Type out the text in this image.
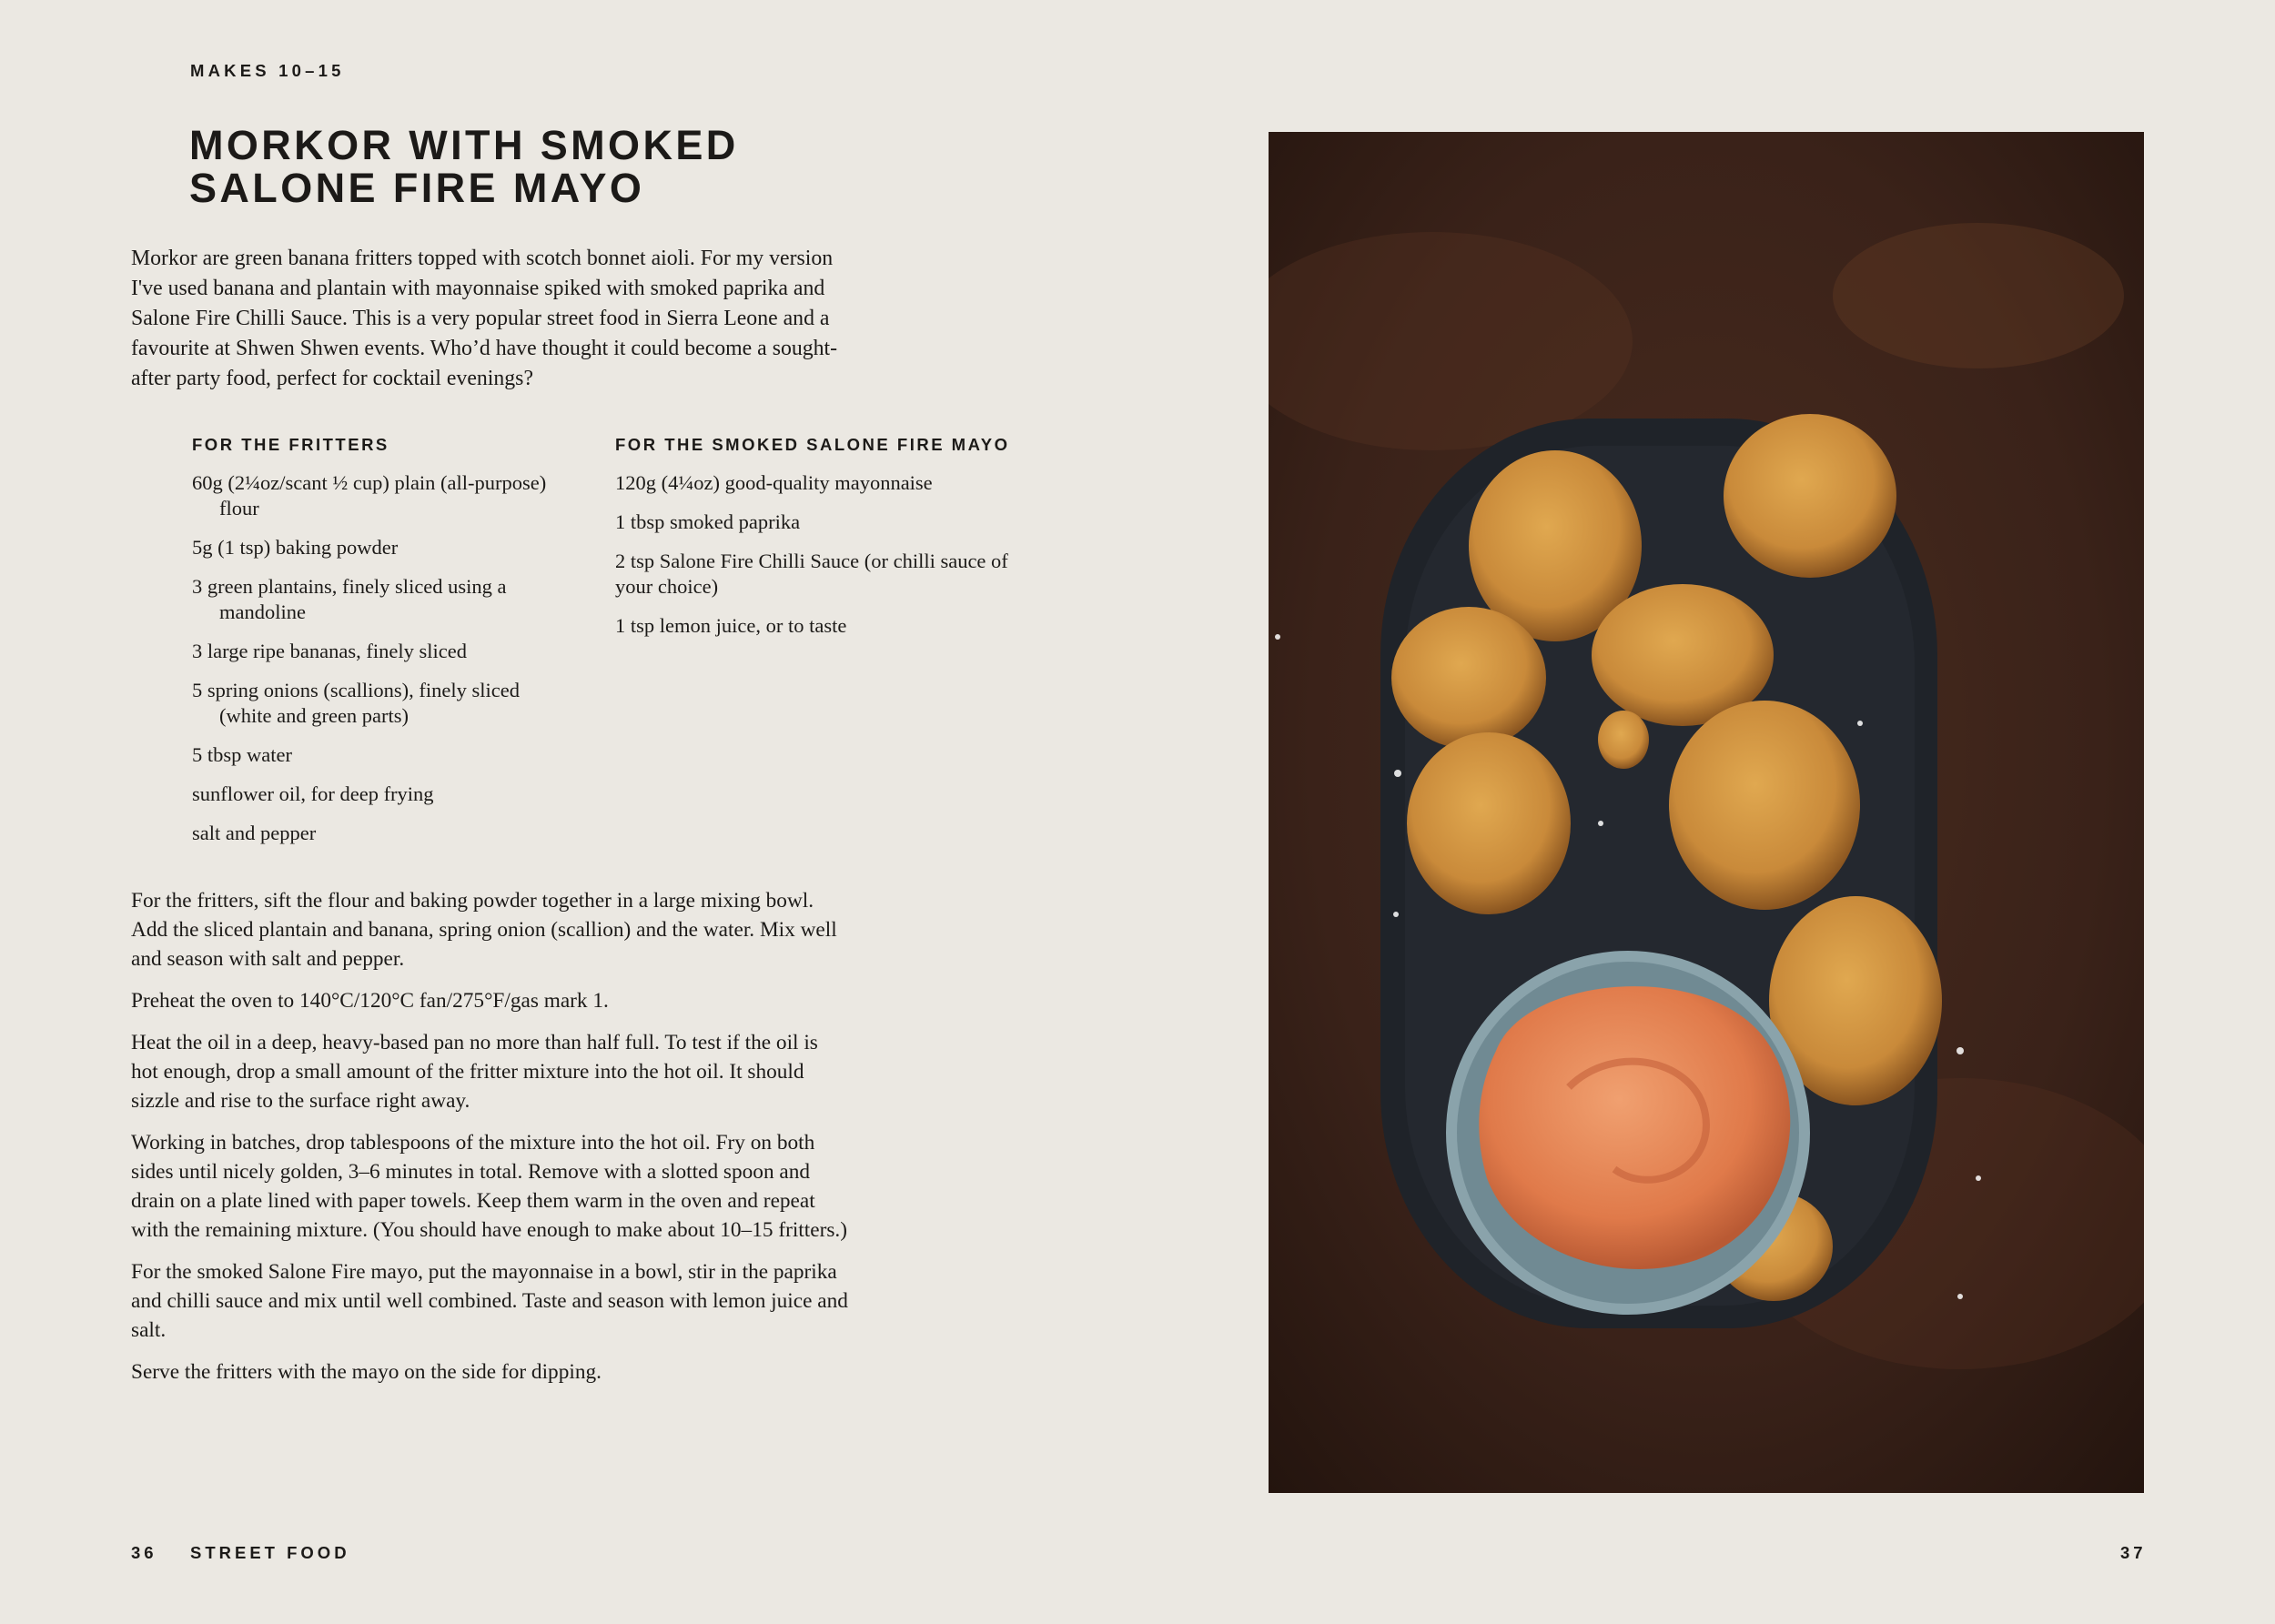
MAKES 10–15
MORKOR WITH SMOKED
SALONE FIRE MAYO

Morkor are green banana fritters topped with scotch bonnet aioli. For my version I've used banana and plantain with mayonnaise spiked with smoked paprika and Salone Fire Chilli Sauce. This is a very popular street food in Sierra Leone and a favourite at Shwen Shwen events. Who’d have thought it could become a sought-after party food, perfect for cocktail evenings?

FOR THE FRITTERS
60g (2¼oz/scant ½ cup) plain (all-purpose) flour
5g (1 tsp) baking powder
3 green plantains, finely sliced using a mandoline
3 large ripe bananas, finely sliced
5 spring onions (scallions), finely sliced (white and green parts)
5 tbsp water
sunflower oil, for deep frying
salt and pepper
FOR THE SMOKED SALONE FIRE MAYO
120g (4¼oz) good-quality mayonnaise
1 tbsp smoked paprika
2 tsp Salone Fire Chilli Sauce (or chilli sauce of your choice)
1 tsp lemon juice, or to taste

For the fritters, sift the flour and baking powder together in a large mixing bowl. Add the sliced plantain and banana, spring onion (scallion) and the water. Mix well and season with salt and pepper.

Preheat the oven to 140°C/120°C fan/275°F/gas mark 1.

Heat the oil in a deep, heavy-based pan no more than half full. To test if the oil is hot enough, drop a small amount of the fritter mixture into the hot oil. It should sizzle and rise to the surface right away.

Working in batches, drop tablespoons of the mixture into the hot oil. Fry on both sides until nicely golden, 3–6 minutes in total. Remove with a slotted spoon and drain on a plate lined with paper towels. Keep them warm in the oven and repeat with the remaining mixture. (You should have enough to make about 10–15 fritters.)

For the smoked Salone Fire mayo, put the mayonnaise in a bowl, stir in the paprika and chilli sauce and mix until well combined. Taste and season with lemon juice and salt.

Serve the fritters with the mayo on the side for dipping.

36 STREET FOOD	37
